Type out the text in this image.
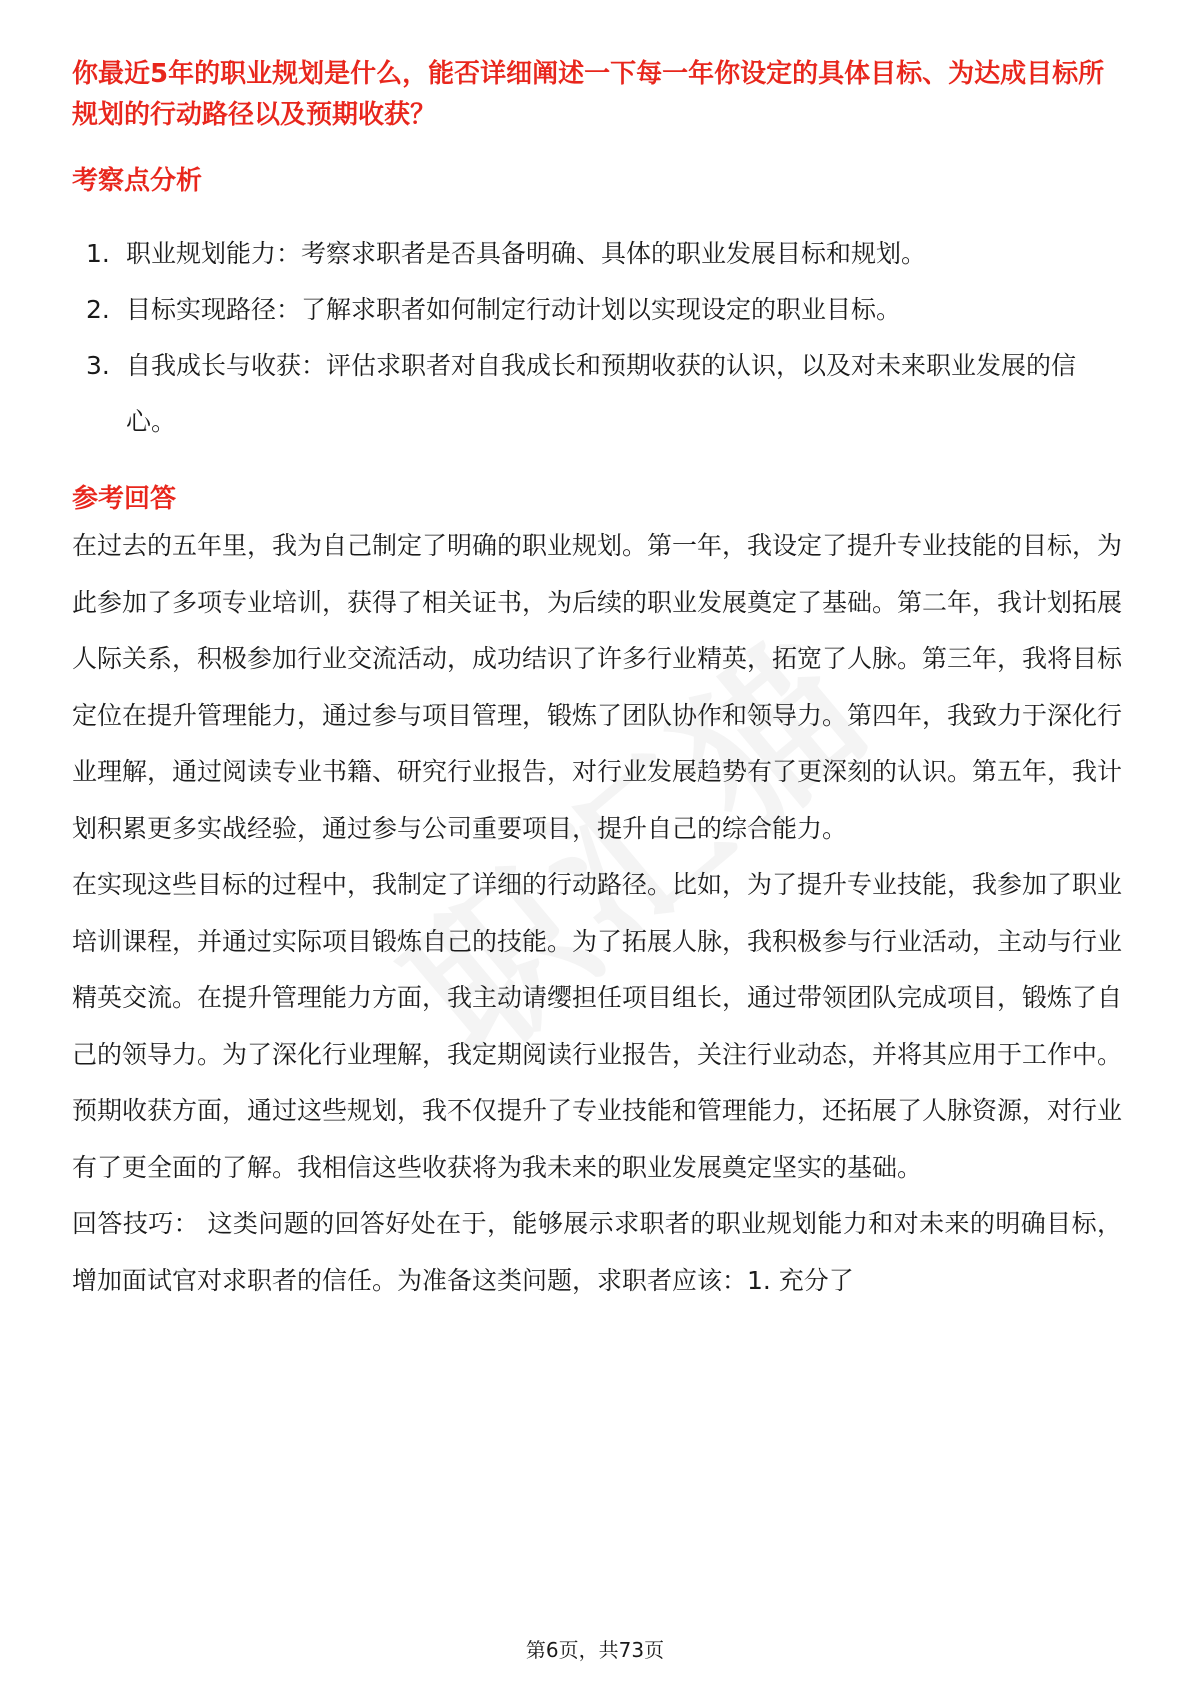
你最近5年的职业规划是什么，能否详细阐述一下每一年你设定的具体目标、为达成目标所规划的行动路径以及预期收获？

考察点分析

1. 职业规划能力：考察求职者是否具备明确、具体的职业发展目标和规划。
2. 目标实现路径：了解求职者如何制定行动计划以实现设定的职业目标。
3. 自我成长与收获：评估求职者对自我成长和预期收获的认识，以及对未来职业发展的信心。

参考回答

在过去的五年里，我为自己制定了明确的职业规划。第一年，我设定了提升专业技能的目标，为此参加了多项专业培训，获得了相关证书，为后续的职业发展奠定了基础。第二年，我计划拓展人际关系，积极参加行业交流活动，成功结识了许多行业精英，拓宽了人脉。第三年，我将目标定位在提升管理能力，通过参与项目管理，锻炼了团队协作和领导力。第四年，我致力于深化行业理解，通过阅读专业书籍、研究行业报告，对行业发展趋势有了更深刻的认识。第五年，我计划积累更多实战经验，通过参与公司重要项目，提升自己的综合能力。

在实现这些目标的过程中，我制定了详细的行动路径。比如，为了提升专业技能，我参加了职业培训课程，并通过实际项目锻炼自己的技能。为了拓展人脉，我积极参与行业活动，主动与行业精英交流。在提升管理能力方面，我主动请缨担任项目组长，通过带领团队完成项目，锻炼了自己的领导力。为了深化行业理解，我定期阅读行业报告，关注行业动态，并将其应用于工作中。

预期收获方面，通过这些规划，我不仅提升了专业技能和管理能力，还拓展了人脉资源，对行业有了更全面的了解。我相信这些收获将为我未来的职业发展奠定坚实的基础。

回答技巧： 这类问题的回答好处在于，能够展示求职者的职业规划能力和对未来的明确目标，增加面试官对求职者的信任。为准备这类问题，求职者应该：1. 充分了

第6页，共73页
